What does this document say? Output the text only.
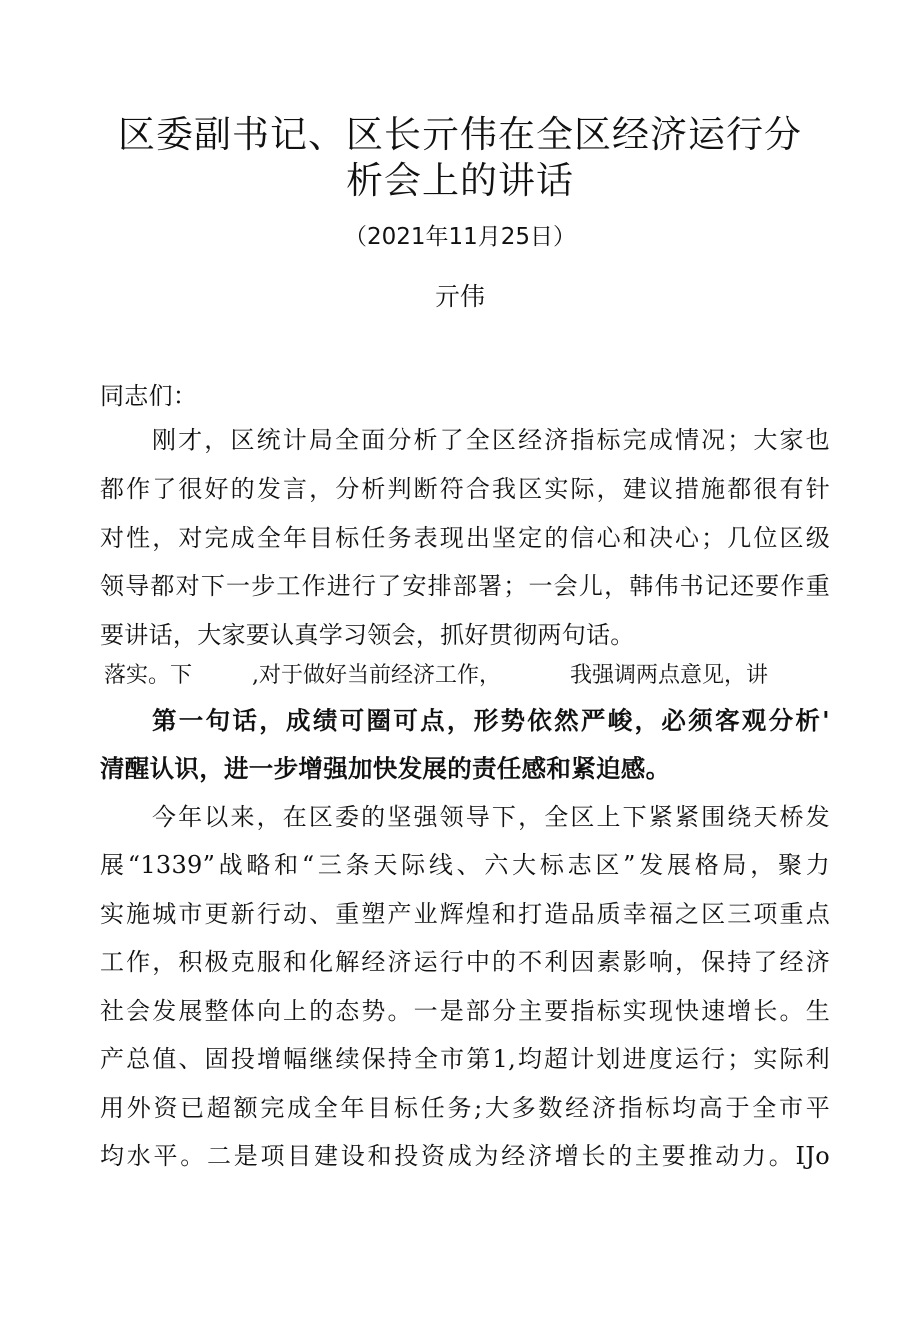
区委副书记、区长亓伟在全区经济运行分
析会上的讲话
（2021年11月25日）
亓伟
同志们：
刚才，区统计局全面分析了全区经济指标完成情况；大家也
都作了很好的发言，分析判断符合我区实际，建议措施都很有针
对性，对完成全年目标任务表现出坚定的信心和决心；几位区级
领导都对下一步工作进行了安排部署；一会儿，韩伟书记还要作重
要讲话，大家要认真学习领会，抓好贯彻两句话。
落实。下	,对于做好当前经济工作，	我强调两点意见，讲
第一句话，成绩可圈可点，形势依然严峻，必须客观分析'
清醒认识，进一步增强加快发展的责任感和紧迫感。
今年以来，在区委的坚强领导下，全区上下紧紧围绕天桥发
展“1339”战略和“三条天际线、六大标志区”发展格局，聚力
实施城市更新行动、重塑产业辉煌和打造品质幸福之区三项重点
工作，积极克服和化解经济运行中的不利因素影响，保持了经济
社会发展整体向上的态势。一是部分主要指标实现快速增长。生
产总值、固投增幅继续保持全市第1,均超计划进度运行；实际利
用外资已超额完成全年目标任务;大多数经济指标均高于全市平
均水平。二是项目建设和投资成为经济增长的主要推动力。IJo
